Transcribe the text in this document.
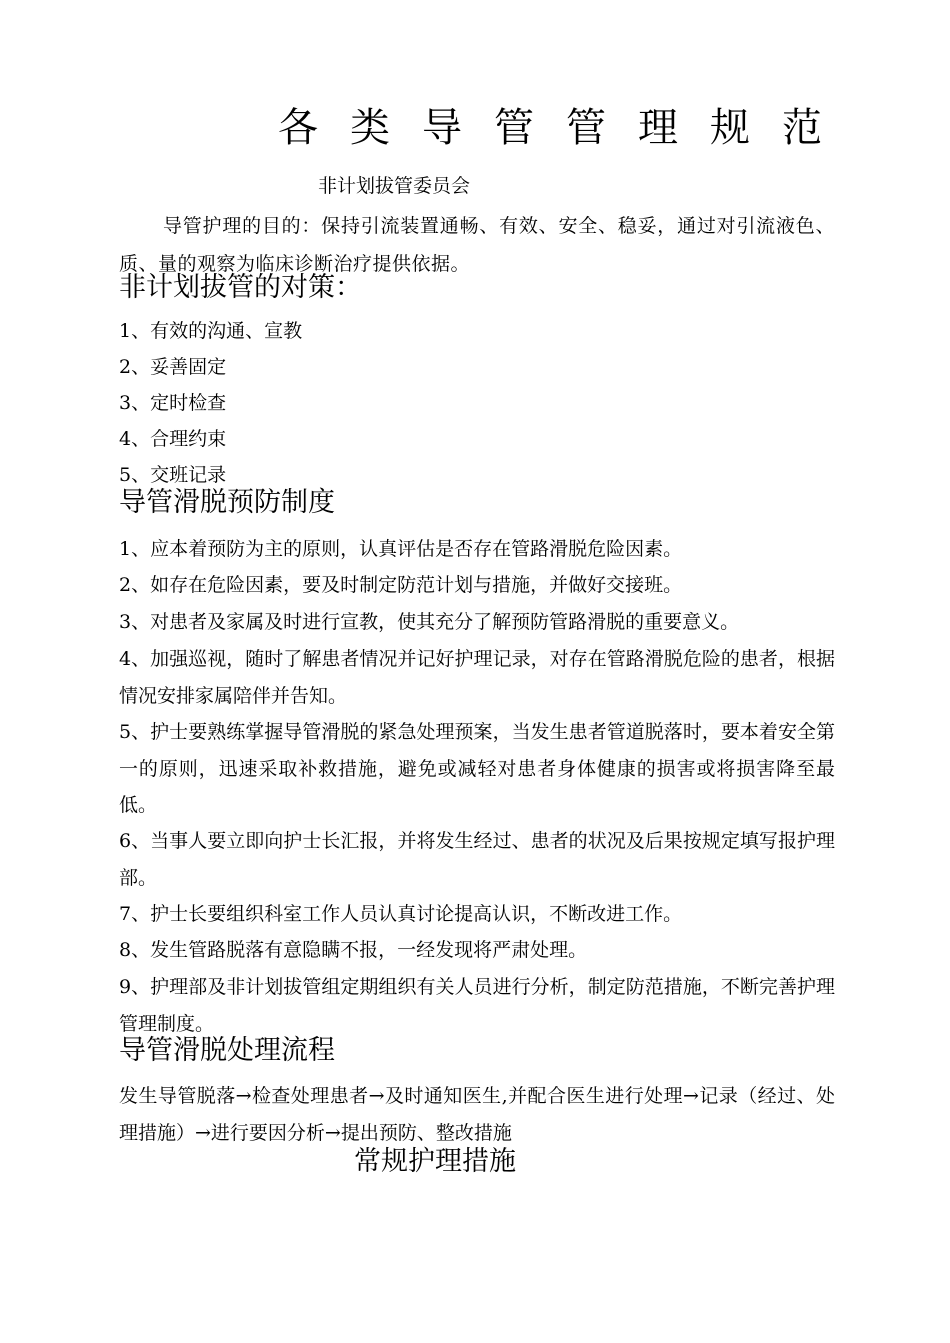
各类导管管理规范
非计划拔管委员会
导管护理的目的：保持引流装置通畅、有效、安全、稳妥，通过对引流液色、质、量的观察为临床诊断治疗提供依据。
非计划拔管的对策：
1、有效的沟通、宣教
2、妥善固定
3、定时检查
4、合理约束
5、交班记录
导管滑脱预防制度
1、应本着预防为主的原则，认真评估是否存在管路滑脱危险因素。
2、如存在危险因素，要及时制定防范计划与措施，并做好交接班。
3、对患者及家属及时进行宣教，使其充分了解预防管路滑脱的重要意义。
4、加强巡视，随时了解患者情况并记好护理记录，对存在管路滑脱危险的患者，根据情况安排家属陪伴并告知。
5、护士要熟练掌握导管滑脱的紧急处理预案，当发生患者管道脱落时，要本着安全第一的原则，迅速采取补救措施，避免或减轻对患者身体健康的损害或将损害降至最低。
6、当事人要立即向护士长汇报，并将发生经过、患者的状况及后果按规定填写报护理部。
7、护士长要组织科室工作人员认真讨论提高认识，不断改进工作。
8、发生管路脱落有意隐瞒不报，一经发现将严肃处理。
9、护理部及非计划拔管组定期组织有关人员进行分析，制定防范措施，不断完善护理管理制度。
导管滑脱处理流程
发生导管脱落→检查处理患者→及时通知医生,并配合医生进行处理→记录（经过、处理措施）→进行要因分析→提出预防、整改措施
常规护理措施
